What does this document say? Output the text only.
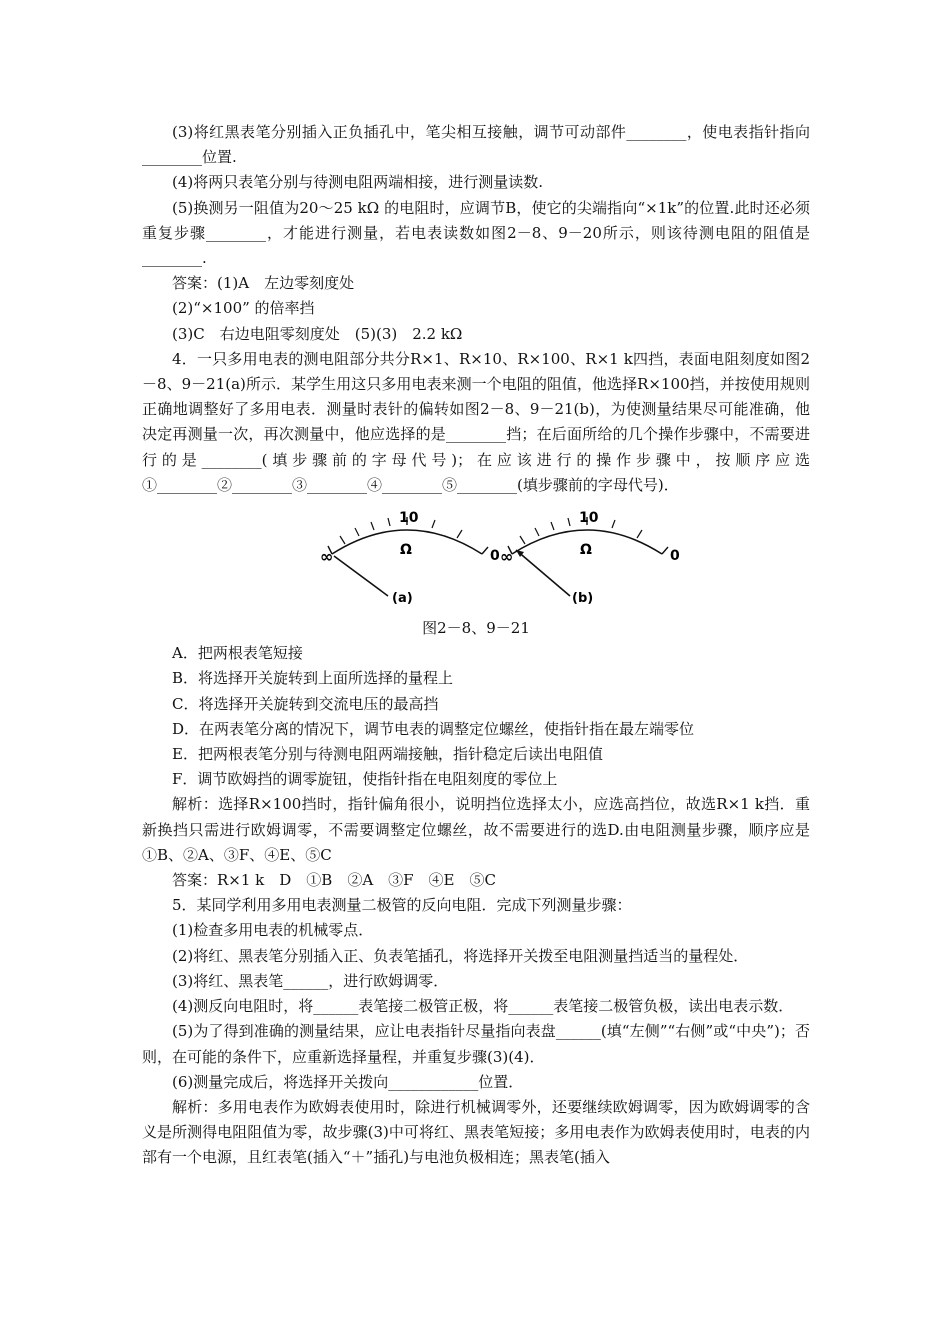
(3)将红黑表笔分别插入正负插孔中，笔尖相互接触，调节可动部件________，使电表指针指向________位置.

(4)将两只表笔分别与待测电阻两端相接，进行测量读数.

(5)换测另一阻值为20～25 kΩ 的电阻时，应调节B，使它的尖端指向“×1k”的位置.此时还必须重复步骤________，才能进行测量，若电表读数如图2－8、9－20所示，则该待测电阻的阻值是________.

答案：(1)A　左边零刻度处

(2)“×100” 的倍率挡

(3)C　右边电阻零刻度处　(5)(3)　2.2 kΩ

4．一只多用电表的测电阻部分共分R×1、R×10、R×100、R×1 k四挡，表面电阻刻度如图2－8、9－21(a)所示．某学生用这只多用电表来测一个电阻的阻值，他选择R×100挡，并按使用规则正确地调整好了多用电表．测量时表针的偏转如图2－8、9－21(b)，为使测量结果尽可能准确，他决定再测量一次，再次测量中，他应选择的是________挡；在后面所给的几个操作步骤中，不需要进行的是________(填步骤前的字母代号)；在应该进行的操作步骤中，按顺序应选①________②________③________④________⑤________(填步骤前的字母代号)．

∞
10
Ω	0
(a)
∞
10
Ω	0
(b)

图2－8、9－21

A．把两根表笔短接

B．将选择开关旋转到上面所选择的量程上

C．将选择开关旋转到交流电压的最高挡

D．在两表笔分离的情况下，调节电表的调整定位螺丝，使指针指在最左端零位

E．把两根表笔分别与待测电阻两端接触，指针稳定后读出电阻值

F．调节欧姆挡的调零旋钮，使指针指在电阻刻度的零位上

解析：选择R×100挡时，指针偏角很小，说明挡位选择太小，应选高挡位，故选R×1 k挡．重新换挡只需进行欧姆调零，不需要调整定位螺丝，故不需要进行的选D.由电阻测量步骤，顺序应是①B、②A、③F、④E、⑤C

答案：R×1 k　D　①B　②A　③F　④E　⑤C

5．某同学利用多用电表测量二极管的反向电阻．完成下列测量步骤：

(1)检查多用电表的机械零点．

(2)将红、黑表笔分别插入正、负表笔插孔，将选择开关拨至电阻测量挡适当的量程处．

(3)将红、黑表笔______，进行欧姆调零．

(4)测反向电阻时，将______表笔接二极管正极，将______表笔接二极管负极，读出电表示数．

(5)为了得到准确的测量结果，应让电表指针尽量指向表盘______(填“左侧”“右侧”或“中央”)；否则，在可能的条件下，应重新选择量程，并重复步骤(3)(4)．

(6)测量完成后，将选择开关拨向____________位置．

解析：多用电表作为欧姆表使用时，除进行机械调零外，还要继续欧姆调零，因为欧姆调零的含义是所测得电阻阻值为零，故步骤(3)中可将红、黑表笔短接；多用电表作为欧姆表使用时，电表的内部有一个电源，且红表笔(插入“＋”插孔)与电池负极相连；黑表笔(插入
